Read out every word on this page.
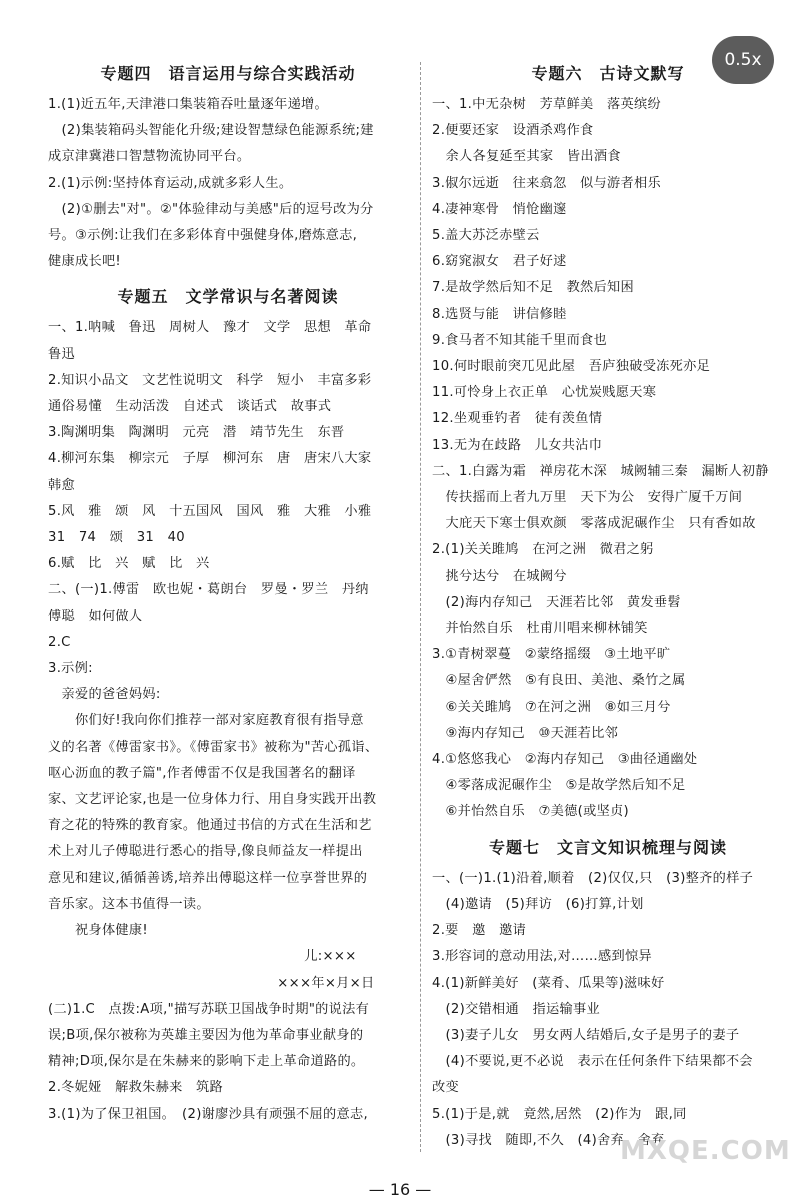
0.5x
专题四　语言运用与综合实践活动
1.(1)近五年,天津港口集装箱吞吐量逐年递增。
　(2)集装箱码头智能化升级;建设智慧绿色能源系统;建
成京津冀港口智慧物流协同平台。
2.(1)示例:坚持体育运动,成就多彩人生。
　(2)①删去"对"。②"体验律动与美感"后的逗号改为分
号。③示例:让我们在多彩体育中强健身体,磨炼意志,
健康成长吧!
专题五　文学常识与名著阅读
一、1.呐喊　鲁迅　周树人　豫才　文学　思想　革命
鲁迅
2.知识小品文　文艺性说明文　科学　短小　丰富多彩
通俗易懂　生动活泼　自述式　谈话式　故事式
3.陶渊明集　陶渊明　元亮　潜　靖节先生　东晋
4.柳河东集　柳宗元　子厚　柳河东　唐　唐宋八大家
韩愈
5.风　雅　颂　风　十五国风　国风　雅　大雅　小雅
31　74　颂　31　40
6.赋　比　兴　赋　比　兴
二、(一)1.傅雷　欧也妮・葛朗台　罗曼・罗兰　丹纳
傅聪　如何做人
2.C
3.示例:
　亲爱的爸爸妈妈:
　　你们好!我向你们推荐一部对家庭教育很有指导意
义的名著《傅雷家书》。《傅雷家书》被称为"苦心孤诣、
呕心沥血的教子篇",作者傅雷不仅是我国著名的翻译
家、文艺评论家,也是一位身体力行、用自身实践开出教
育之花的特殊的教育家。他通过书信的方式在生活和艺
术上对儿子傅聪进行悉心的指导,像良师益友一样提出
意见和建议,循循善诱,培养出傅聪这样一位享誉世界的
音乐家。这本书值得一读。
　　祝身体健康!
　　　　　　　　　　　　　　　　　　　儿:×××
　　　　　　　　　　　　　　　　　×××年×月×日
(二)1.C　点拨:A项,"描写苏联卫国战争时期"的说法有
误;B项,保尔被称为英雄主要因为他为革命事业献身的
精神;D项,保尔是在朱赫来的影响下走上革命道路的。
2.冬妮娅　解救朱赫来　筑路
3.(1)为了保卫祖国。　(2)谢廖沙具有顽强不屈的意志,
专题六　古诗文默写
一、1.中无杂树　芳草鲜美　落英缤纷
2.便要还家　设酒杀鸡作食
　余人各复延至其家　皆出酒食
3.俶尔远逝　往来翕忽　似与游者相乐
4.凄神寒骨　悄怆幽邃
5.盖大苏泛赤壁云
6.窈窕淑女　君子好逑
7.是故学然后知不足　教然后知困
8.选贤与能　讲信修睦
9.食马者不知其能千里而食也
10.何时眼前突兀见此屋　吾庐独破受冻死亦足
11.可怜身上衣正单　心忧炭贱愿天寒
12.坐观垂钓者　徒有羡鱼情
13.无为在歧路　儿女共沾巾
二、1.白露为霜　禅房花木深　城阙辅三秦　漏断人初静
　传扶摇而上者九万里　天下为公　安得广厦千万间
　大庇天下寒士俱欢颜　零落成泥碾作尘　只有香如故
2.(1)关关雎鸠　在河之洲　微君之躬
　挑兮达兮　在城阙兮
　(2)海内存知己　天涯若比邻　黄发垂髫
　并怡然自乐　杜甫川唱来柳林铺笑
3.①青树翠蔓　②蒙络摇缀　③土地平旷
　④屋舍俨然　⑤有良田、美池、桑竹之属
　⑥关关雎鸠　⑦在河之洲　⑧如三月兮
　⑨海内存知己　⑩天涯若比邻
4.①悠悠我心　②海内存知己　③曲径通幽处
　④零落成泥碾作尘　⑤是故学然后知不足
　⑥并怡然自乐　⑦美德(或坚贞)
专题七　文言文知识梳理与阅读
一、(一)1.(1)沿着,顺着　(2)仅仅,只　(3)整齐的样子
　(4)邀请　(5)拜访　(6)打算,计划
2.要　邀　邀请
3.形容词的意动用法,对……感到惊异
4.(1)新鲜美好　(菜肴、瓜果等)滋味好
　(2)交错相通　指运输事业
　(3)妻子儿女　男女两人结婚后,女子是男子的妻子
　(4)不要说,更不必说　表示在任何条件下结果都不会
改变
5.(1)于是,就　竟然,居然　(2)作为　跟,同
　(3)寻找　随即,不久　(4)舍弃　舍弃
MXQE.COM
— 16 —
